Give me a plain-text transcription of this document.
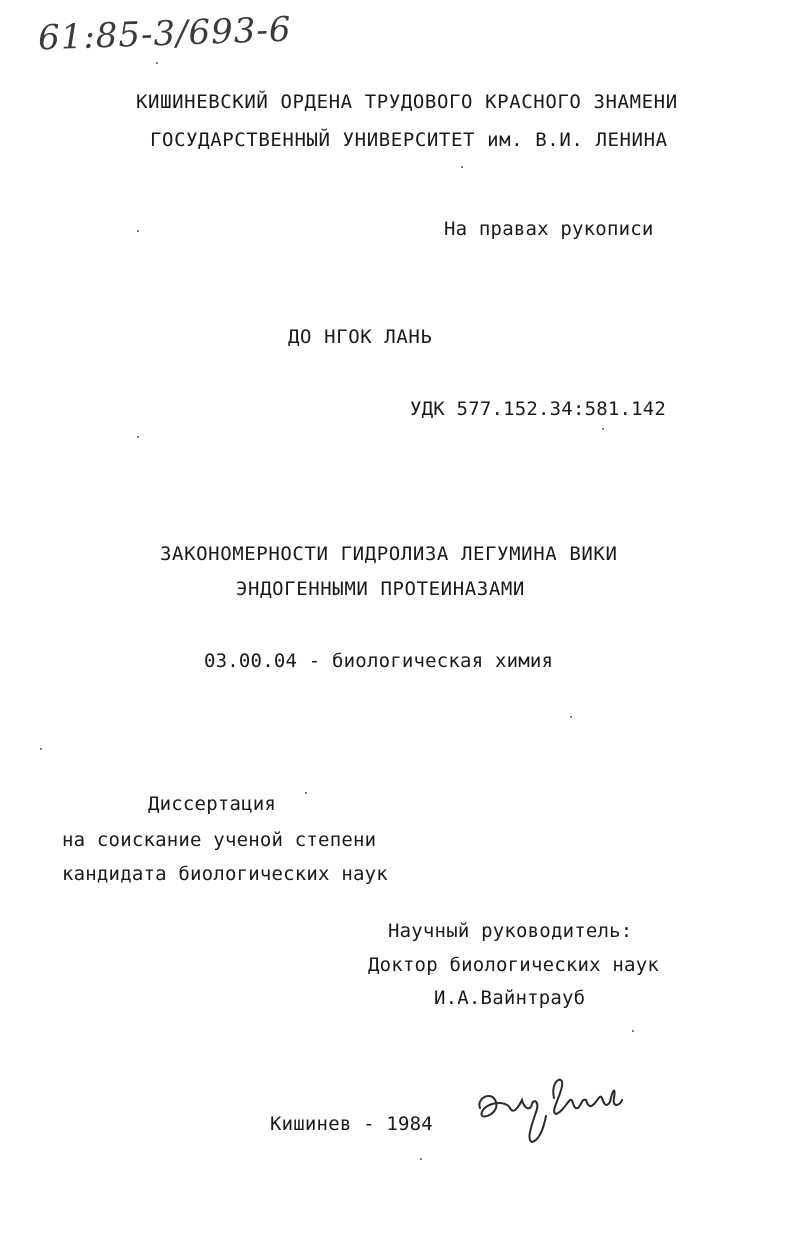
61:85-3/693-6
КИШИНЕВСКИЙ ОРДЕНА ТРУДОВОГО КРАСНОГО ЗНАМЕНИ
ГОСУДАРСТВЕННЫЙ УНИВЕРСИТЕТ им. В.И. ЛЕНИНА
На правах рукописи
ДО НГОК ЛАНЬ
УДК 577.152.34:581.142
ЗАКОНОМЕРНОСТИ ГИДРОЛИЗА ЛЕГУМИНА ВИКИ
ЭНДОГЕННЫМИ ПРОТЕИНАЗАМИ
03.00.04 - биологическая химия
Диссертация
на соискание ученой степени
кандидата биологических наук
Научный руководитель:
Доктор биологических наук
И.А.Вайнтрауб
Кишинев - 1984
